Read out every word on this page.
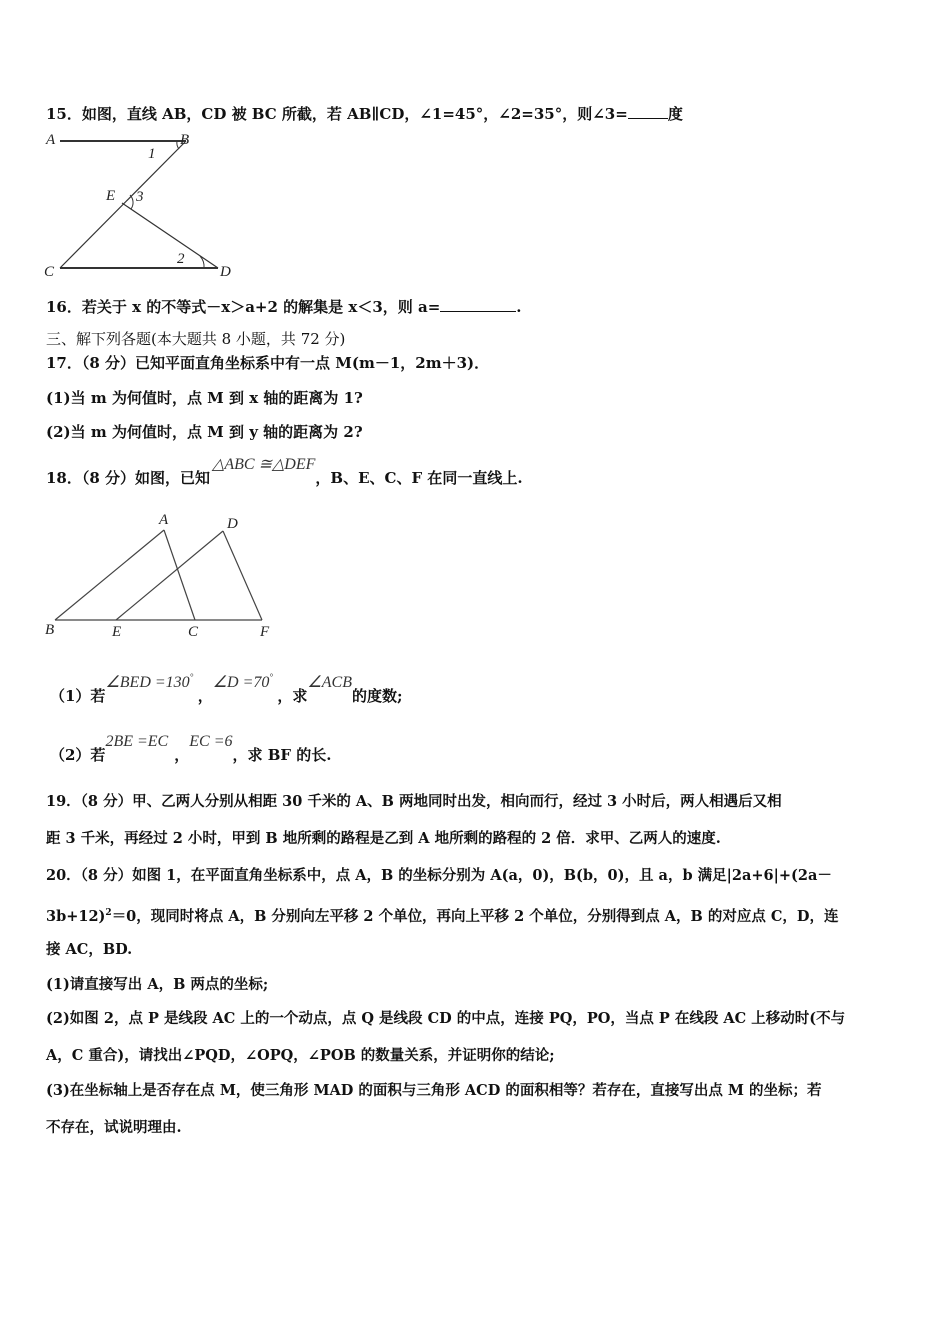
15．如图，直线 AB，CD 被 BC 所截，若 AB∥CD，∠1=45°，∠2=35°，则∠3=	度
A	B
C	D
E
1
3
2
16．若关于 x 的不等式－x＞a+2 的解集是 x＜3，则 a=	.
三、解下列各题(本大题共 8 小题，共 72 分)
17．（8 分）已知平面直角坐标系中有一点 M(m－1，2m＋3)．
(1)当 m 为何值时，点 M 到 x 轴的距离为 1?
(2)当 m 为何值时，点 M 到 y 轴的距离为 2?
18．（8 分）如图，已知△ABC ≅△DEF，B、E、C、F 在同一直线上.
A	D
B	E	C	F
（1）若∠BED =130 °
，∠D =70 °
，求∠ACB的度数;
（2）若2BE =EC，EC =6，求 BF 的长.
19．（8 分）甲、乙两人分别从相距 30 千米的 A、B 两地同时出发，相向而行，经过 3 小时后，两人相遇后又相
距 3 千米，再经过 2 小时，甲到 B 地所剩的路程是乙到 A 地所剩的路程的 2 倍．求甲、乙两人的速度.
20．（8 分）如图 1，在平面直角坐标系中，点 A，B 的坐标分别为 A(a，0)，B(b，0)，且 a，b 满足|2a+6|+(2a－
3b+12)$^2$＝0，现同时将点 A，B 分别向左平移 2 个单位，再向上平移 2 个单位，分别得到点 A，B 的对应点 C，D，连
接 AC，BD.
(1)请直接写出 A，B 两点的坐标;
(2)如图 2，点 P 是线段 AC 上的一个动点，点 Q 是线段 CD 的中点，连接 PQ，PO，当点 P 在线段 AC 上移动时(不与
A，C 重合)，请找出∠PQD，∠OPQ，∠POB 的数量关系，并证明你的结论;
(3)在坐标轴上是否存在点 M，使三角形 MAD 的面积与三角形 ACD 的面积相等？若存在，直接写出点 M 的坐标；若
不存在，试说明理由.
